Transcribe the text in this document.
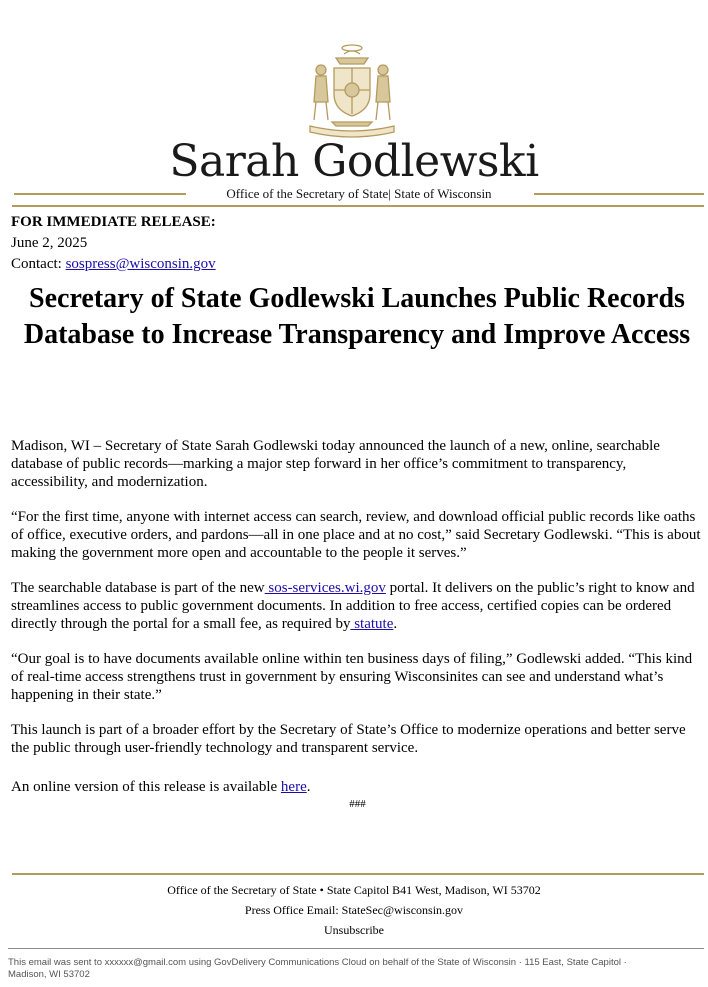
Sarah Godlewski
Office of the Secretary of State| State of Wisconsin
FOR IMMEDIATE RELEASE:
June 2, 2025
Contact: sospress@wisconsin.gov
Secretary of State Godlewski Launches Public Records Database to Increase Transparency and Improve Access

Madison, WI – Secretary of State Sarah Godlewski today announced the launch of a new, online, searchable database of public records—marking a major step forward in her office’s commitment to transparency, accessibility, and modernization.

“For the first time, anyone with internet access can search, review, and download official public records like oaths of office, executive orders, and pardons—all in one place and at no cost,” said Secretary Godlewski. “This is about making the government more open and accountable to the people it serves.”

The searchable database is part of the new sos-services.wi.gov portal. It delivers on the public’s right to know and streamlines access to public government documents. In addition to free access, certified copies can be ordered directly through the portal for a small fee, as required by statute.

“Our goal is to have documents available online within ten business days of filing,” Godlewski added. “This kind of real-time access strengthens trust in government by ensuring Wisconsinites can see and understand what’s happening in their state.”

This launch is part of a broader effort by the Secretary of State’s Office to modernize operations and better serve the public through user-friendly technology and transparent service.

An online version of this release is available here.

###
Office of the Secretary of State • State Capitol B41 West, Madison, WI 53702
Press Office Email: StateSec@wisconsin.gov
Unsubscribe
This email was sent to xxxxxx@gmail.com using GovDelivery Communications Cloud on behalf of the State of Wisconsin · 115 East, State Capitol · Madison, WI 53702
